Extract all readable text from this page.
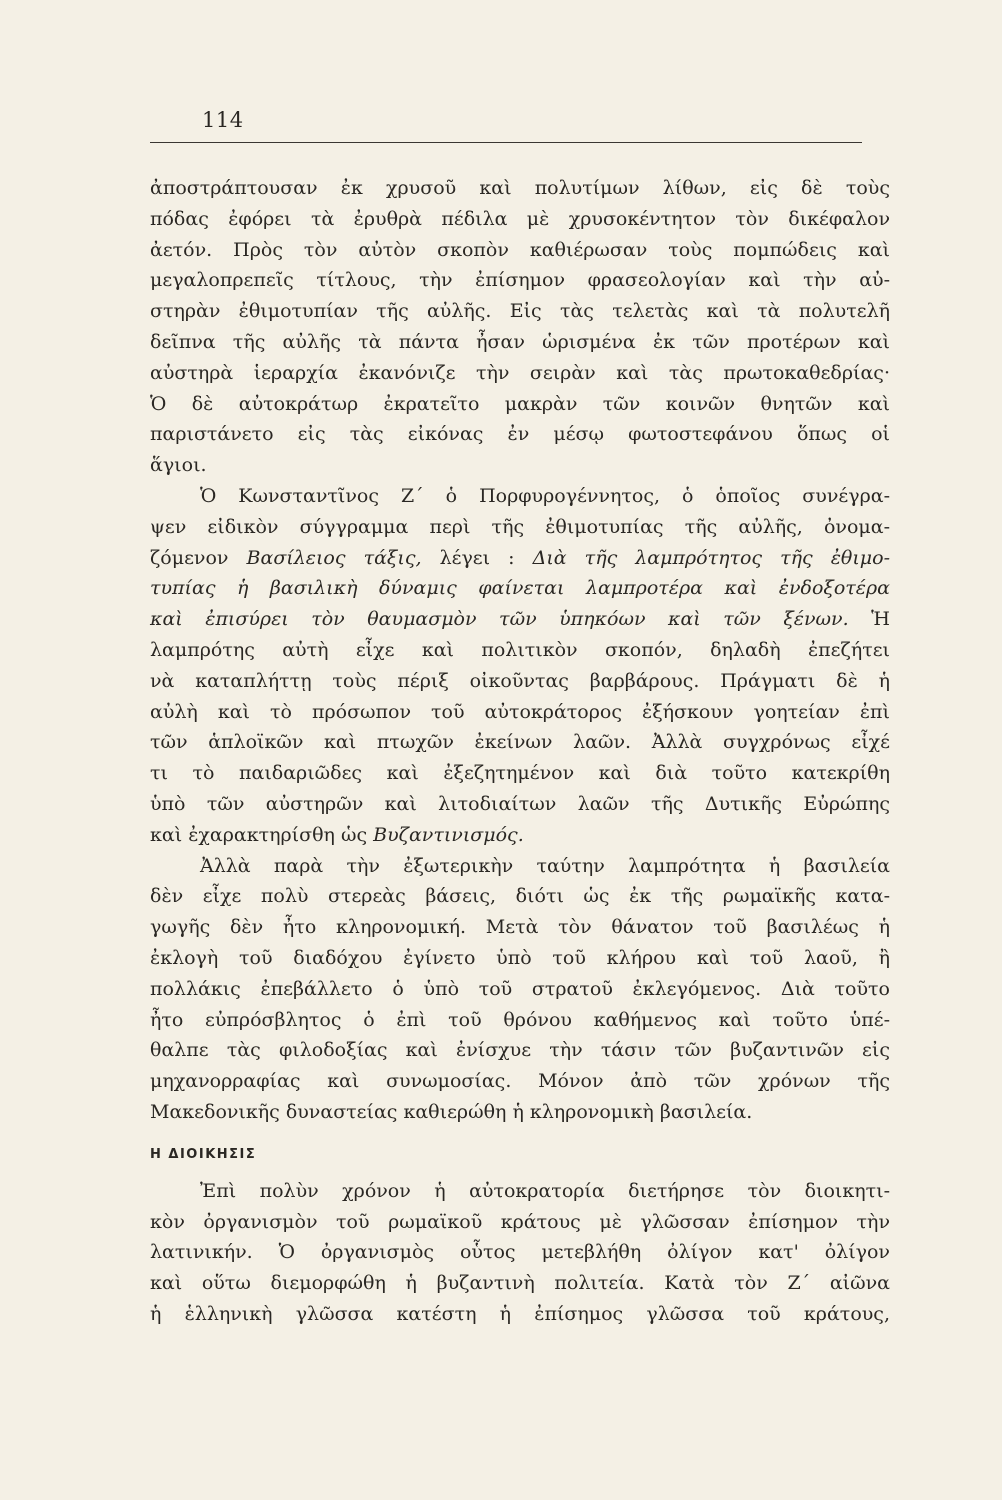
114
ἀποστράπτουσαν ἐκ χρυσοῦ καὶ πολυτίμων λίθων, εἰς δὲ τοὺς
πόδας ἐφόρει τὰ ἐρυθρὰ πέδιλα μὲ χρυσοκέντητον τὸν δικέφαλον
ἀετόν. Πρὸς τὸν αὐτὸν σκοπὸν καθιέρωσαν τοὺς πομπώδεις καὶ
μεγαλοπρεπεῖς τίτλους, τὴν ἐπίσημον φρασεολογίαν καὶ τὴν αὐ-
στηρὰν ἐθιμοτυπίαν τῆς αὐλῆς. Εἰς τὰς τελετὰς καὶ τὰ πολυτελῆ
δεῖπνα τῆς αὐλῆς τὰ πάντα ἦσαν ὡρισμένα ἐκ τῶν προτέρων καὶ
αὐστηρὰ ἱεραρχία ἐκανόνιζε τὴν σειρὰν καὶ τὰς πρωτοκαθεδρίας·
Ὁ δὲ αὐτοκράτωρ ἐκρατεῖτο μακρὰν τῶν κοινῶν θνητῶν καὶ
παριστάνετο εἰς τὰς εἰκόνας ἐν μέσῳ φωτοστεφάνου ὅπως οἱ
ἅγιοι.
Ὁ Κωνσταντῖνος Ζ΄ ὁ Πορφυρογέννητος, ὁ ὁποῖος συνέγρα-
ψεν εἰδικὸν σύγγραμμα περὶ τῆς ἐθιμοτυπίας τῆς αὐλῆς, ὀνομα-
ζόμενον Βασίλειος τάξις, λέγει : Διὰ τῆς λαμπρότητος τῆς ἐθιμο-
τυπίας ἡ βασιλικὴ δύναμις φαίνεται λαμπροτέρα καὶ ἐνδοξοτέρα
καὶ ἐπισύρει τὸν θαυμασμὸν τῶν ὑπηκόων καὶ τῶν ξένων. Ἡ
λαμπρότης αὐτὴ εἶχε καὶ πολιτικὸν σκοπόν, δηλαδὴ ἐπεζήτει
νὰ καταπλήττῃ τοὺς πέριξ οἰκοῦντας βαρβάρους. Πράγματι δὲ ἡ
αὐλὴ καὶ τὸ πρόσωπον τοῦ αὐτοκράτορος ἐξήσκουν γοητείαν ἐπὶ
τῶν ἁπλοϊκῶν καὶ πτωχῶν ἐκείνων λαῶν. Ἀλλὰ συγχρόνως εἶχέ
τι τὸ παιδαριῶδες καὶ ἐξεζητημένον καὶ διὰ τοῦτο κατεκρίθη
ὑπὸ τῶν αὐστηρῶν καὶ λιτοδιαίτων λαῶν τῆς Δυτικῆς Εὐρώπης
καὶ ἐχαρακτηρίσθη ὡς Βυζαντινισμός.
Ἀλλὰ παρὰ τὴν ἐξωτερικὴν ταύτην λαμπρότητα ἡ βασιλεία
δὲν εἶχε πολὺ στερεὰς βάσεις, διότι ὡς ἐκ τῆς ρωμαϊκῆς κατα-
γωγῆς δὲν ἦτο κληρονομική. Μετὰ τὸν θάνατον τοῦ βασιλέως ἡ
ἐκλογὴ τοῦ διαδόχου ἐγίνετο ὑπὸ τοῦ κλήρου καὶ τοῦ λαοῦ, ἢ
πολλάκις ἐπεβάλλετο ὁ ὑπὸ τοῦ στρατοῦ ἐκλεγόμενος. Διὰ τοῦτο
ἦτο εὐπρόσβλητος ὁ ἐπὶ τοῦ θρόνου καθήμενος καὶ τοῦτο ὑπέ-
θαλπε τὰς φιλοδοξίας καὶ ἐνίσχυε τὴν τάσιν τῶν βυζαντινῶν εἰς
μηχανορραφίας καὶ συνωμοσίας. Μόνον ἀπὸ τῶν χρόνων τῆς
Μακεδονικῆς δυναστείας καθιερώθη ἡ κληρονομικὴ βασιλεία.
Η ΔΙΟΙΚΗΣΙΣ
Ἐπὶ πολὺν χρόνον ἡ αὐτοκρατορία διετήρησε τὸν διοικητι-
κὸν ὀργανισμὸν τοῦ ρωμαϊκοῦ κράτους μὲ γλῶσσαν ἐπίσημον τὴν
λατινικήν. Ὁ ὀργανισμὸς οὗτος μετεβλήθη ὀλίγον κατ' ὀλίγον
καὶ οὕτω διεμορφώθη ἡ βυζαντινὴ πολιτεία. Κατὰ τὸν Ζ΄ αἰῶνα
ἡ ἑλληνικὴ γλῶσσα κατέστη ἡ ἐπίσημος γλῶσσα τοῦ κράτους,
